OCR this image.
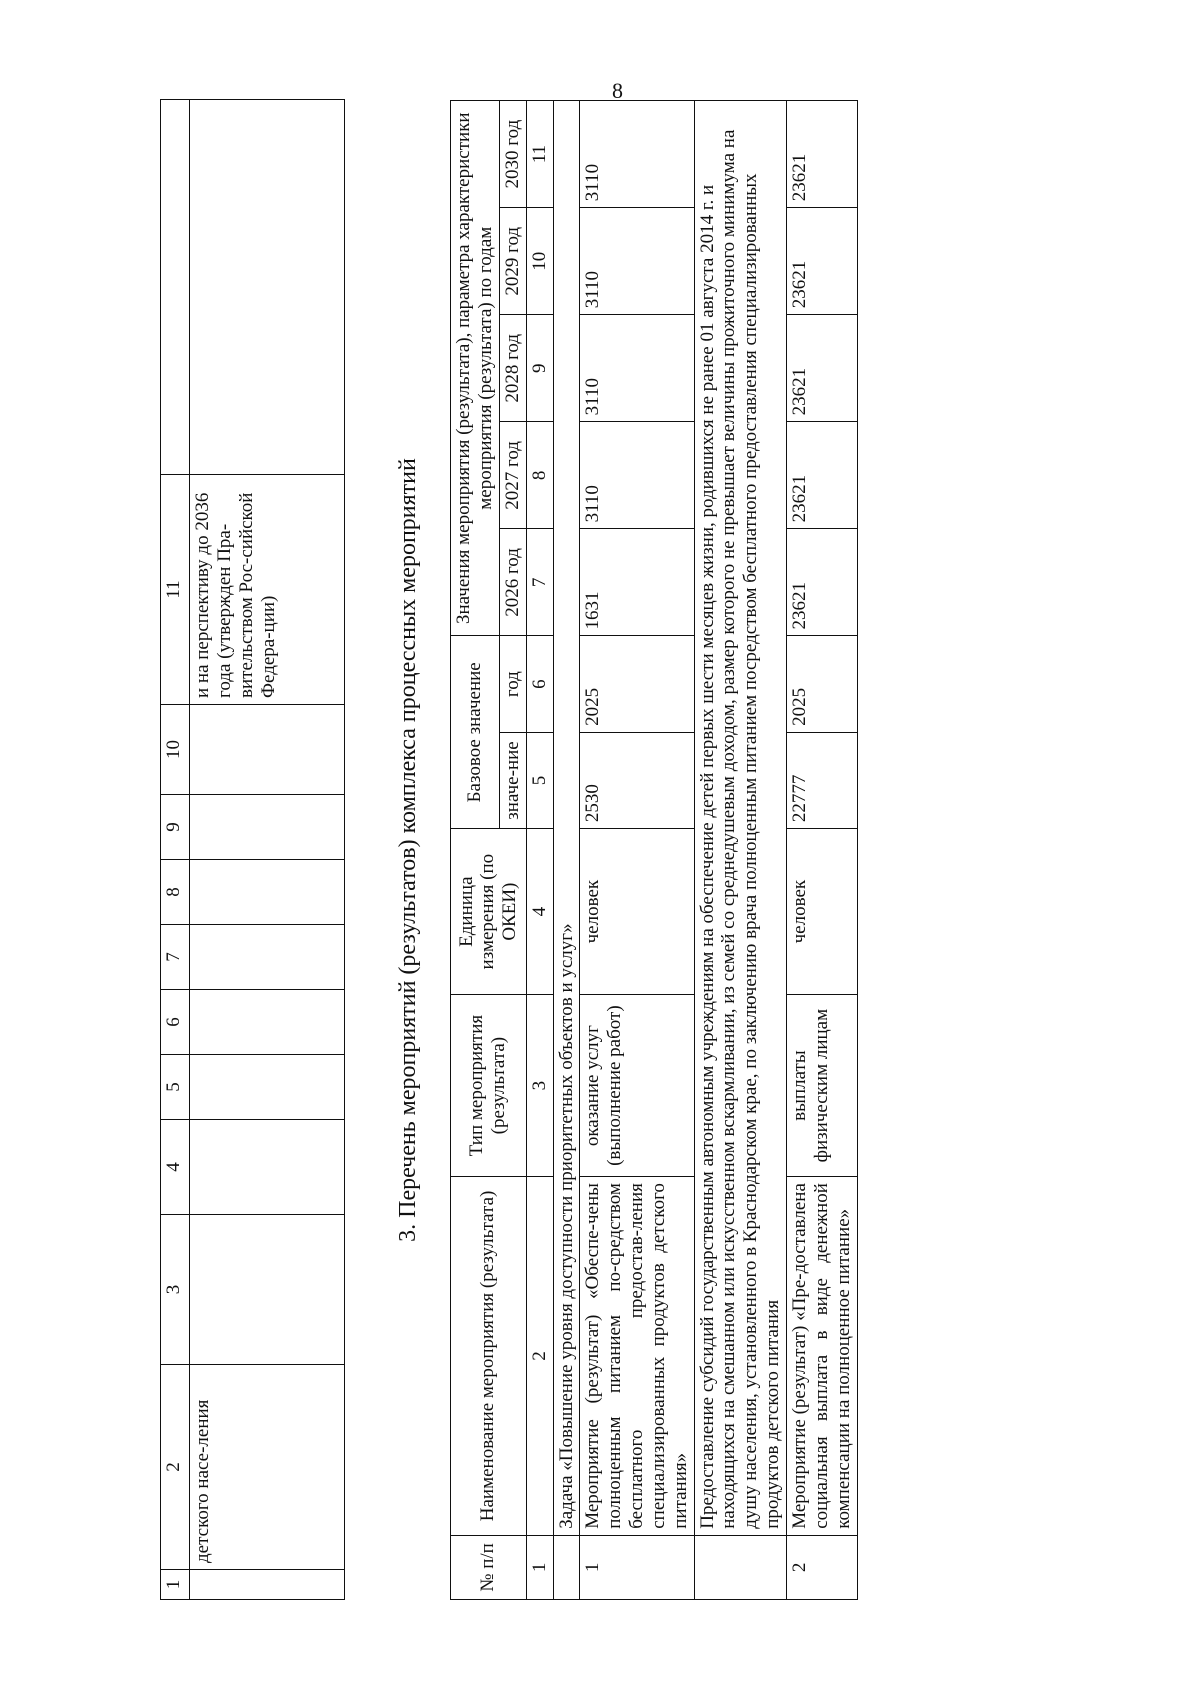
8
1	2	3	4	5	6	7	8	9	10	11	
	детского насе-ления									и на перспективу до 2036 года (утвержден Пра-вительством Рос-сийской Федера-ции)		3. Перечень мероприятий (результатов) комплекса процессных мероприятий
№ п/п	Наименование мероприятия (результата)	Тип мероприятия (результата)	Единица измерения (по ОКЕИ)	Базовое значение		Значения мероприятия (результата), параметра характеристики мероприятия (результата) по годам				
						2026 год	2027 год	2028 год	2029 год	2030 год
				значе-ние	год					
1	2	3	4	5	6	7	8	9	10	11
	Задача «Повышение уровня доступности приоритетных объектов и услуг»									
1	Мероприятие (результат) «Обеспе-чены полноценным питанием по-средством бесплатного предостав-ления специализированных продуктов детского питания»	оказание услуг (выполнение работ)	человек	2530	2025	1631	3110	3110	3110	3110
	Предоставление субсидий государственным автономным учреждениям на обеспечение детей первых шести месяцев жизни, родившихся не ранее 01 августа 2014 г. и находящихся на смешанном или искусственном вскармливании, из семей со среднедушевым доходом, размер которого не превышает величины прожиточного минимума на душу населения, установленного в Краснодарском крае, по заключению врача полноценным питанием посредством бесплатного предоставления специализированных продуктов детского питания									
2	Мероприятие (результат) «Пре-доставлена социальная выплата в виде денежной компенсации на полноценное питание»	выплаты физическим лицам	человек	22777	2025	23621	23621	23621	23621	23621
